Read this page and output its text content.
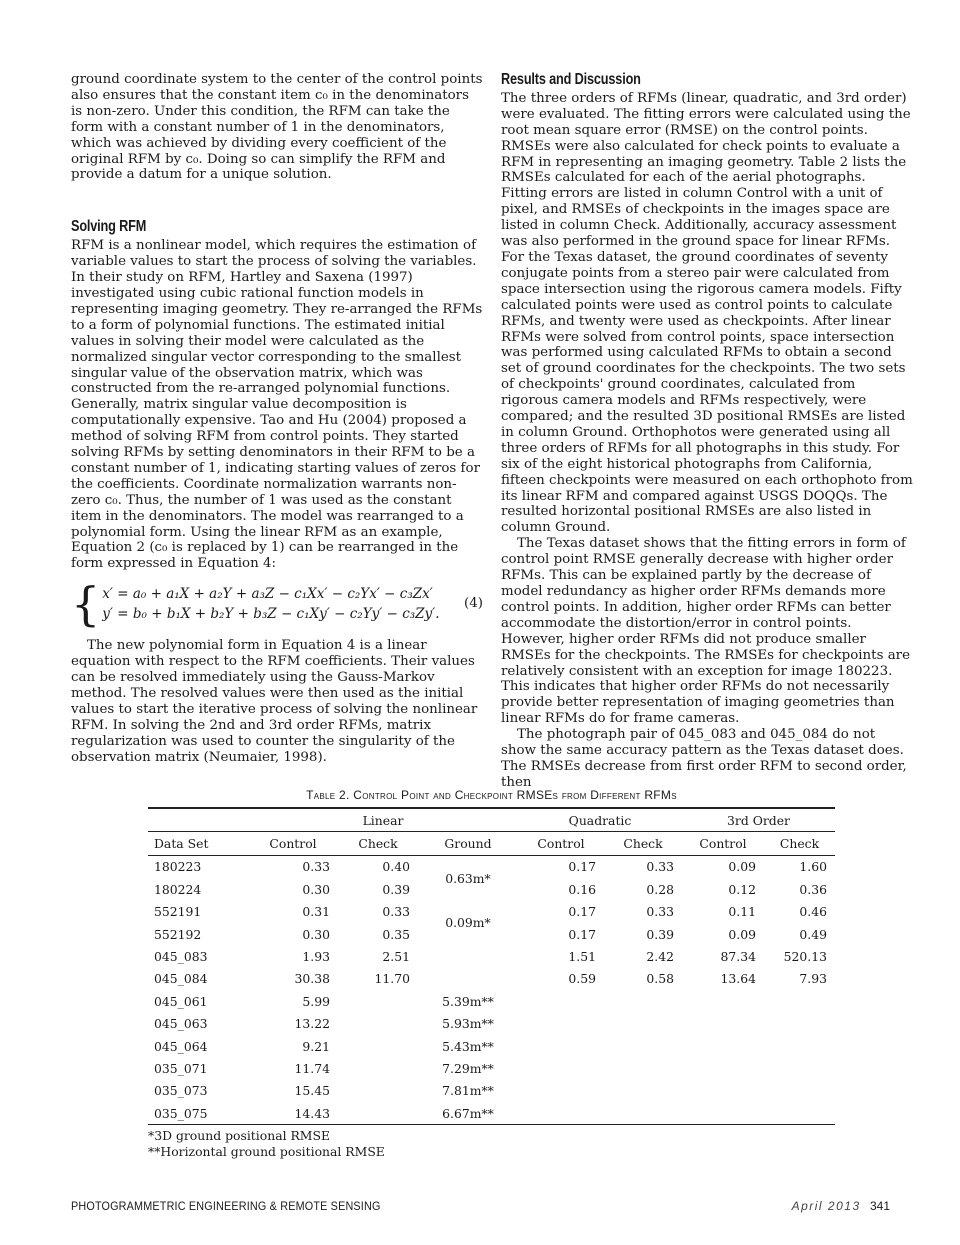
ground coordinate system to the center of the control points also ensures that the constant item c₀ in the denominators is non-zero. Under this condition, the RFM can take the form with a constant number of 1 in the denominators, which was achieved by dividing every coefficient of the original RFM by c₀. Doing so can simplify the RFM and provide a datum for a unique solution.

Solving RFM

RFM is a nonlinear model, which requires the estimation of variable values to start the process of solving the variables. In their study on RFM, Hartley and Saxena (1997) investigated using cubic rational function models in representing imaging geometry. They re-arranged the RFMs to a form of polynomial functions. The estimated initial values in solving their model were calculated as the normalized singular vector corresponding to the smallest singular value of the observation matrix, which was constructed from the re-arranged polynomial functions. Generally, matrix singular value decomposition is computationally expensive. Tao and Hu (2004) proposed a method of solving RFM from control points. They started solving RFMs by setting denominators in their RFM to be a constant number of 1, indicating starting values of zeros for the coefficients. Coordinate normalization warrants non-zero c₀. Thus, the number of 1 was used as the constant item in the denominators. The model was rearranged to a polynomial form. Using the linear RFM as an example, Equation 2 (c₀ is replaced by 1) can be rearranged in the form expressed in Equation 4:

{ x′ = a₀ + a₁X + a₂Y + a₃Z − c₁Xx′ − c₂Yx′ − c₃Zx′
y′ = b₀ + b₁X + b₂Y + b₃Z − c₁Xy′ − c₂Yy′ − c₃Zy′.
(4)

The new polynomial form in Equation 4 is a linear equation with respect to the RFM coefficients. Their values can be resolved immediately using the Gauss-Markov method. The resolved values were then used as the initial values to start the iterative process of solving the nonlinear RFM. In solving the 2nd and 3rd order RFMs, matrix regularization was used to counter the singularity of the observation matrix (Neumaier, 1998).

Results and Discussion

The three orders of RFMs (linear, quadratic, and 3rd order) were evaluated. The fitting errors were calculated using the root mean square error (RMSE) on the control points. RMSEs were also calculated for check points to evaluate a RFM in representing an imaging geometry. Table 2 lists the RMSEs calculated for each of the aerial photographs. Fitting errors are listed in column Control with a unit of pixel, and RMSEs of checkpoints in the images space are listed in column Check. Additionally, accuracy assessment was also performed in the ground space for linear RFMs. For the Texas dataset, the ground coordinates of seventy conjugate points from a stereo pair were calculated from space intersection using the rigorous camera models. Fifty calculated points were used as control points to calculate RFMs, and twenty were used as checkpoints. After linear RFMs were solved from control points, space intersection was performed using calculated RFMs to obtain a second set of ground coordinates for the checkpoints. The two sets of checkpoints' ground coordinates, calculated from rigorous camera models and RFMs respectively, were compared; and the resulted 3D positional RMSEs are listed in column Ground. Orthophotos were generated using all three orders of RFMs for all photographs in this study. For six of the eight historical photographs from California, fifteen checkpoints were measured on each orthophoto from its linear RFM and compared against USGS DOQQs. The resulted horizontal positional RMSEs are also listed in column Ground.

The Texas dataset shows that the fitting errors in form of control point RMSE generally decrease with higher order RFMs. This can be explained partly by the decrease of model redundancy as higher order RFMs demands more control points. In addition, higher order RFMs can better accommodate the distortion/error in control points. However, higher order RFMs did not produce smaller RMSEs for the checkpoints. The RMSEs for checkpoints are relatively consistent with an exception for image 180223. This indicates that higher order RFMs do not necessarily provide better representation of imaging geometries than linear RFMs do for frame cameras.

The photograph pair of 045_083 and 045_084 do not show the same accuracy pattern as the Texas dataset does. The RMSEs decrease from first order RFM to second order, then

Table 2. Control Point and Checkpoint RMSEs from Different RFMs
	Linear			Quadratic		3rd Order	
Data Set	Control	Check	Ground	Control	Check	Control	Check
180223	0.33	0.40	0.63m*	0.17	0.33	0.09	1.60
180224	0.30	0.39		0.16	0.28	0.12	0.36
552191	0.31	0.33	0.09m*	0.17	0.33	0.11	0.46
552192	0.30	0.35		0.17	0.39	0.09	0.49
045_083	1.93	2.51		1.51	2.42	87.34	520.13
045_084	30.38	11.70		0.59	0.58	13.64	7.93
045_061	5.99		5.39m**				
045_063	13.22		5.93m**				
045_064	9.21		5.43m**				
035_071	11.74		7.29m**				
035_073	15.45		7.81m**				
035_075	14.43		6.67m**				
*3D ground positional RMSE
**Horizontal ground positional RMSE
PHOTOGRAMMETRIC ENGINEERING & REMOTE SENSING	April 2013 341
